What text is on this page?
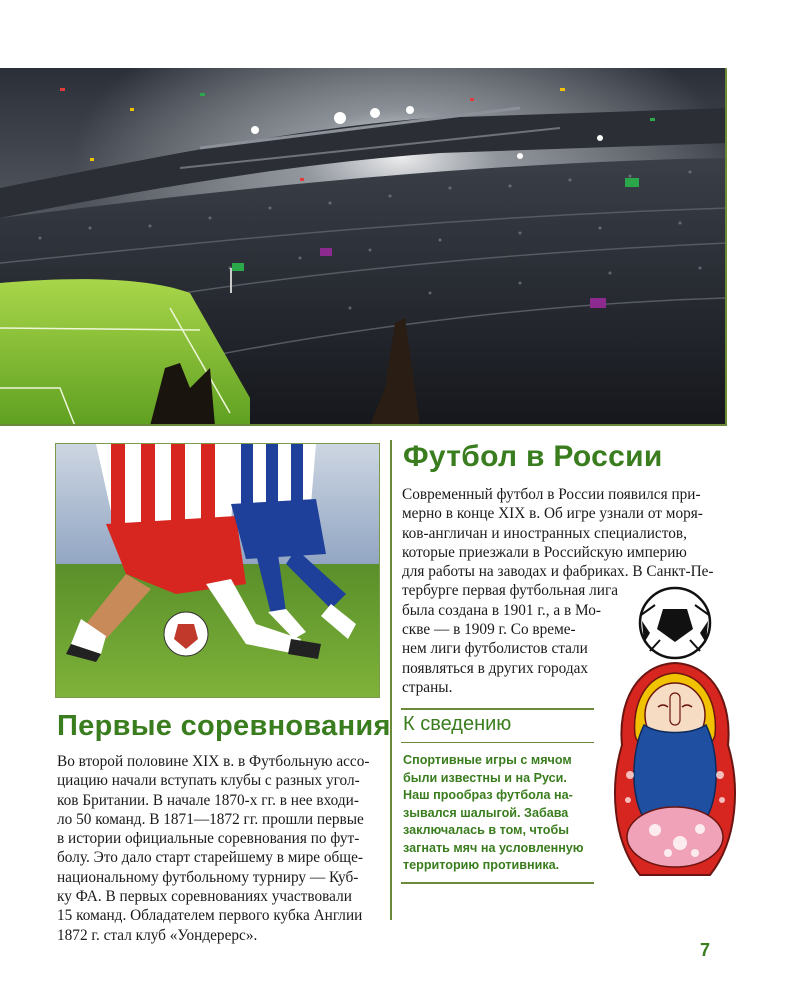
Футбол в России

Современный футбол в России появился при-
мерно в конце XIX в. Об игре узнали от моря-
ков-англичан и иностранных специалистов,
которые приезжали в Российскую империю
для работы на заводах и фабриках. В Санкт-Пе-
тербурге первая футбольная лига
была создана в 1901 г., а в Мо-
скве — в 1909 г. Со време-
нем лиги футболистов стали
появляться в других городах
страны.

К сведению

Спортивные игры с мячом
были известны и на Руси.
Наш прообраз футбола на-
зывался шалыгой. Забава
заключалась в том, чтобы
загнать мяч на условленную
территорию противника.

Первые соревнования

Во второй половине XIX в. в Футбольную ассо-
циацию начали вступать клубы с разных угол-
ков Британии. В начале 1870-х гг. в нее входи-
ло 50 команд. В 1871—1872 гг. прошли первые
в истории официальные соревнования по фут-
болу. Это дало старт старейшему в мире обще-
национальному футбольному турниру — Куб-
ку ФА. В первых соревнованиях участвовали
15 команд. Обладателем первого кубка Англии
1872 г. стал клуб «Уондерерс».

7
